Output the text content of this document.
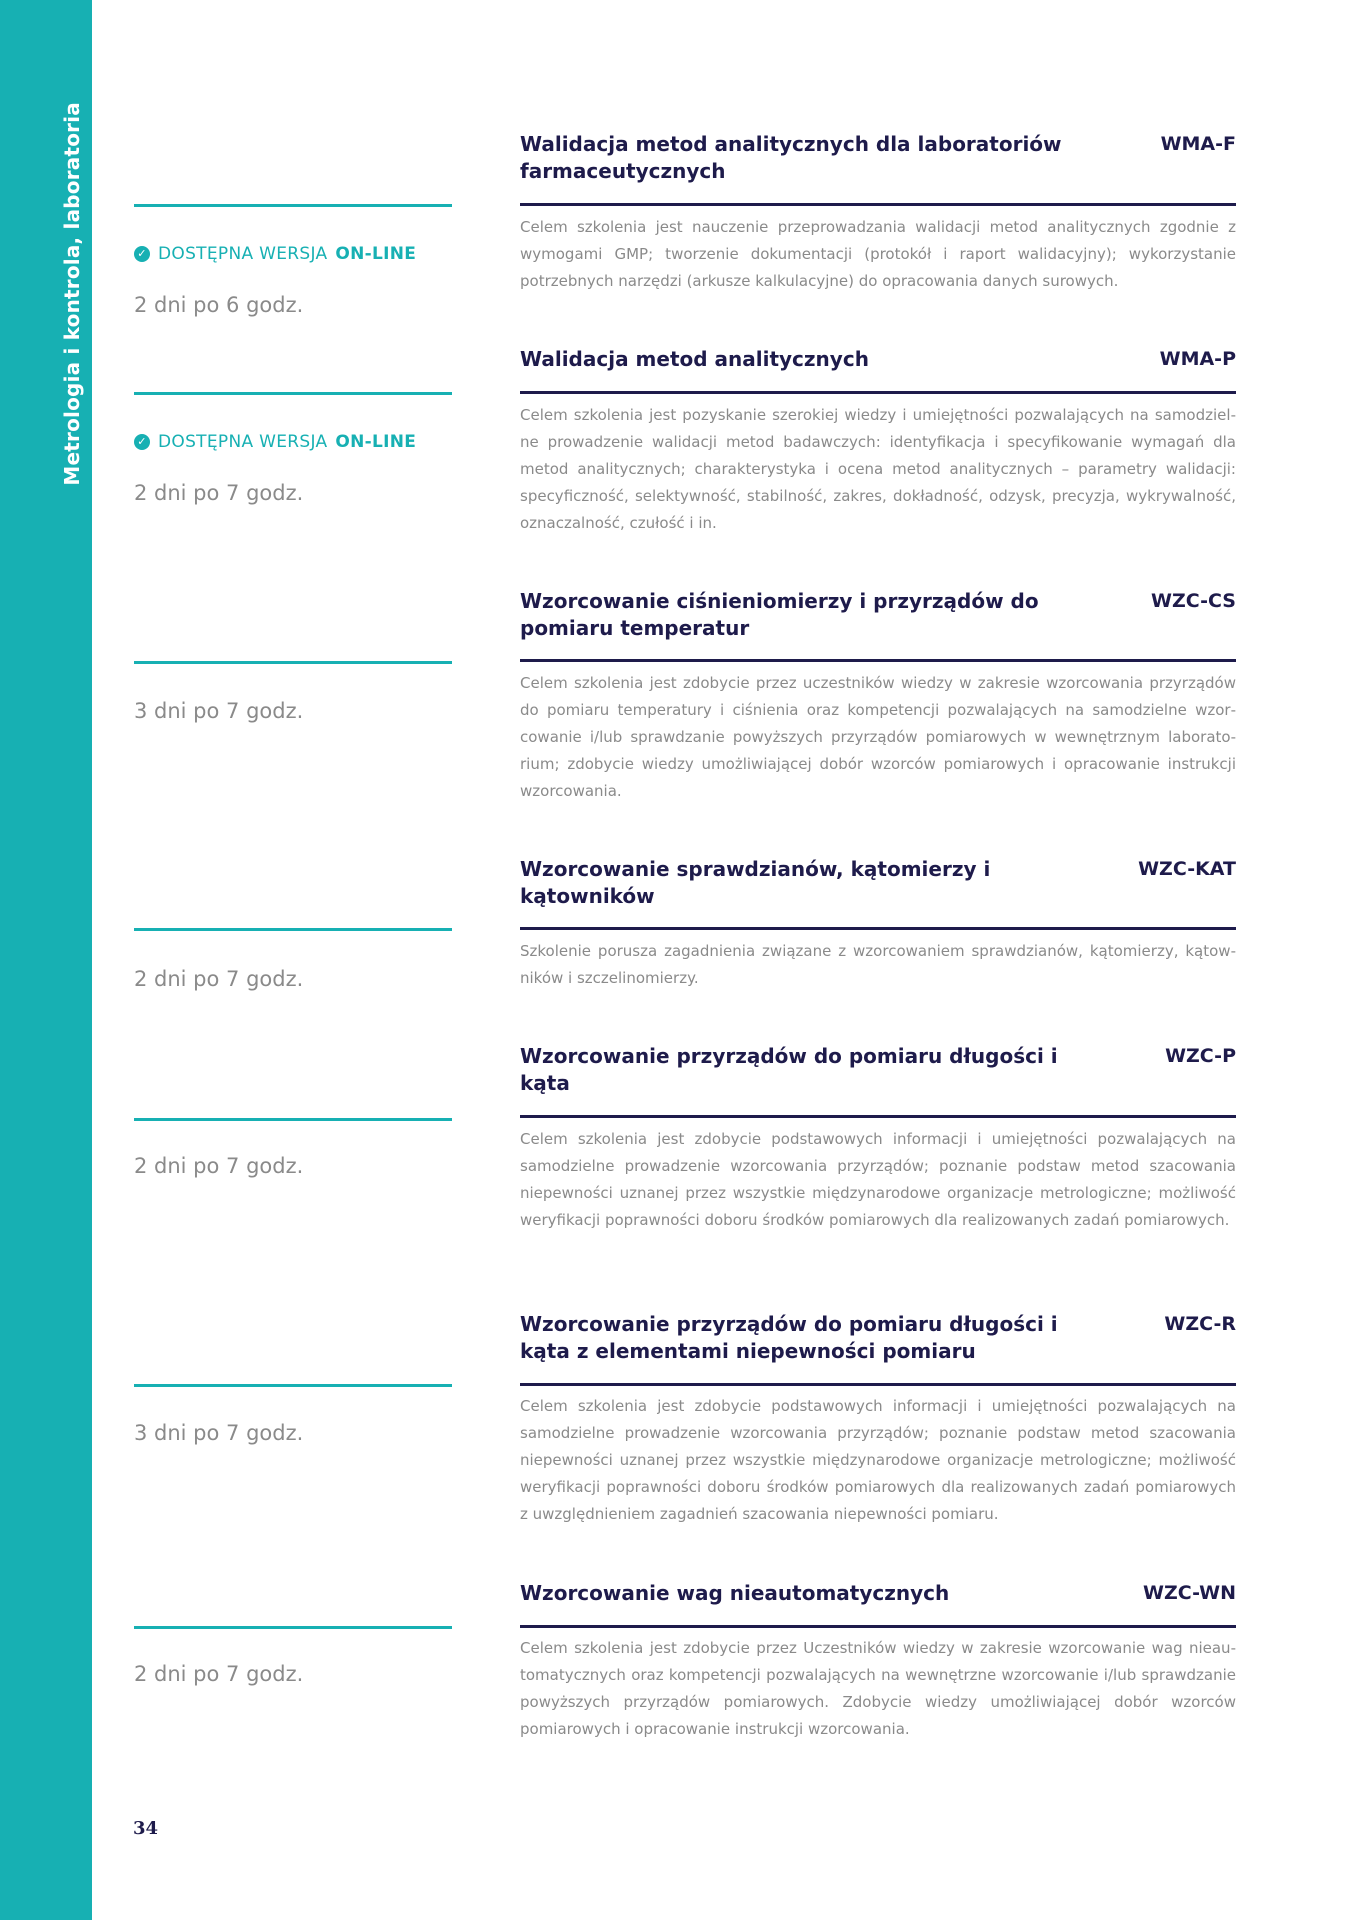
Metrologia i kontrola, laboratoria	Walidacja metod analitycznych dla laboratoriów farmaceutycznych
WMA-F
Celem szkolenia jest nauczenie przeprowadzania walidacji metod analitycznych zgodnie z wymogami GMP; tworzenie dokumentacji (protokół i raport walidacyjny); wykorzystanie potrzebnych narzędzi (arkusze kalkulacyjne) do opracowania danych surowych.
✓ DOSTĘPNA WERSJA ON-LINE
2 dni po 6 godz.
Walidacja metod analitycznych	WMA-P
Celem szkolenia jest pozyskanie szerokiej wiedzy i umiejętności pozwalających na samodzielne prowadzenie walidacji metod badawczych: identyfikacja i specyfikowanie wymagań dla metod analitycznych; charakterystyka i ocena metod analitycznych – parametry walidacji: specyficzność, selektywność, stabilność, zakres, dokładność, odzysk, precyzja, wykrywalność, oznaczalność, czułość i in.
✓ DOSTĘPNA WERSJA ON-LINE
2 dni po 7 godz.
Wzorcowanie ciśnieniomierzy i przyrządów do pomiaru temperatur
WZC-CS
Celem szkolenia jest zdobycie przez uczestników wiedzy w zakresie wzorcowania przyrządów do pomiaru temperatury i ciśnienia oraz kompetencji pozwalających na samodzielne wzorcowanie i/lub sprawdzanie powyższych przyrządów pomiarowych w wewnętrznym laboratorium; zdobycie wiedzy umożliwiającej dobór wzorców pomiarowych i opracowanie instrukcji wzorcowania.
3 dni po 7 godz.
Wzorcowanie sprawdzianów, kątomierzy i kątowników
WZC-KAT
Szkolenie porusza zagadnienia związane z wzorcowaniem sprawdzianów, kątomierzy, kątowników i szczelinomierzy.
2 dni po 7 godz.
Wzorcowanie przyrządów do pomiaru długości i kąta
WZC-P
Celem szkolenia jest zdobycie podstawowych informacji i umiejętności pozwalających na samodzielne prowadzenie wzorcowania przyrządów; poznanie podstaw metod szacowania niepewności uznanej przez wszystkie międzynarodowe organizacje metrologiczne; możliwość weryfikacji poprawności doboru środków pomiarowych dla realizowanych zadań pomiarowych.
2 dni po 7 godz.
Wzorcowanie przyrządów do pomiaru długości i kąta z elementami niepewności pomiaru
WZC-R
Celem szkolenia jest zdobycie podstawowych informacji i umiejętności pozwalających na samodzielne prowadzenie wzorcowania przyrządów; poznanie podstaw metod szacowania niepewności uznanej przez wszystkie międzynarodowe organizacje metrologiczne; możliwość weryfikacji poprawności doboru środków pomiarowych dla realizowanych zadań pomiarowych z uwzględnieniem zagadnień szacowania niepewności pomiaru.
3 dni po 7 godz.
Wzorcowanie wag nieautomatycznych	WZC-WN
Celem szkolenia jest zdobycie przez Uczestników wiedzy w zakresie wzorcowanie wag nieautomatycznych oraz kompetencji pozwalających na wewnętrzne wzorcowanie i/lub sprawdzanie powyższych przyrządów pomiarowych. Zdobycie wiedzy umożliwiającej dobór wzorców pomiarowych i opracowanie instrukcji wzorcowania.
2 dni po 7 godz.
34
